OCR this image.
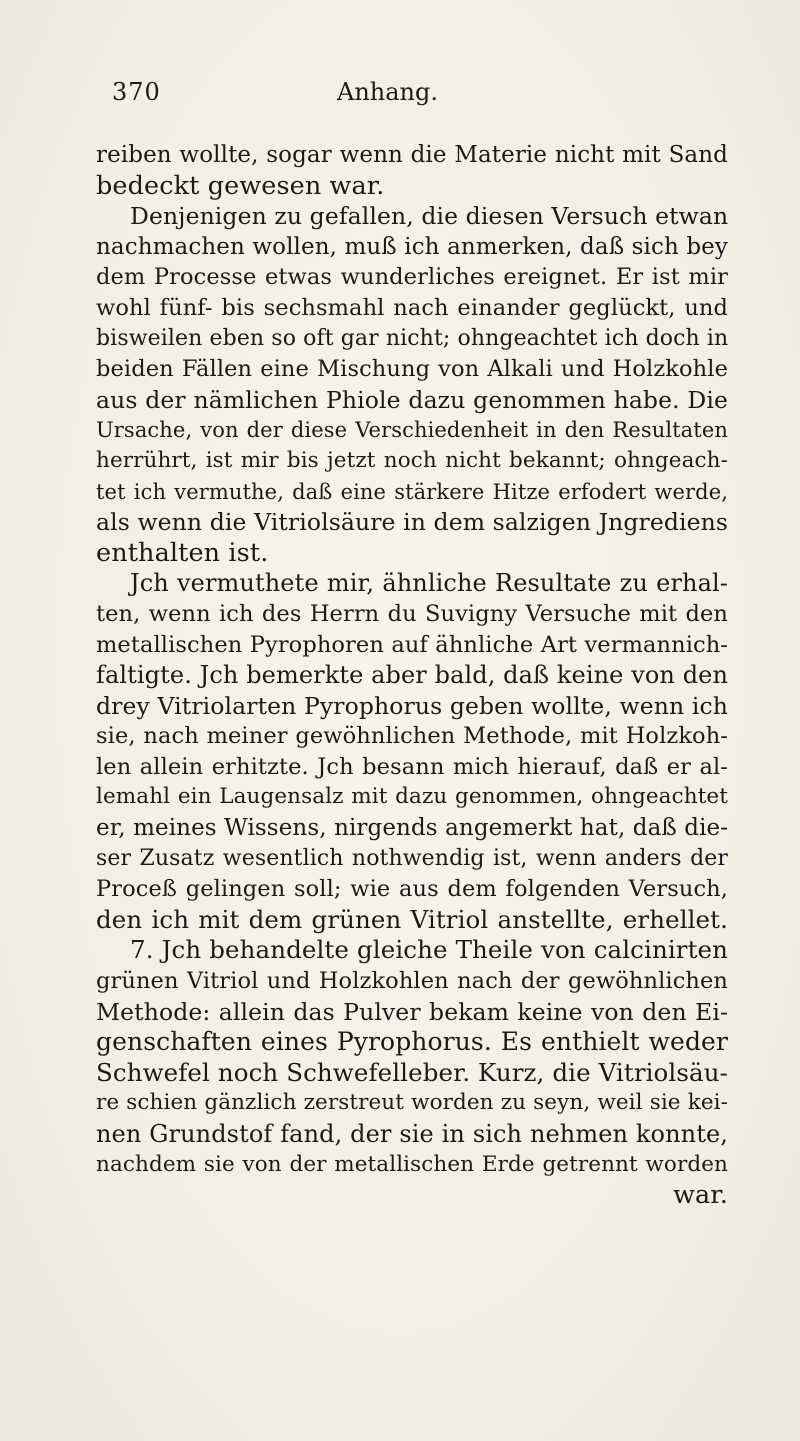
370	Anhang.
reiben wollte, sogar wenn die Materie nicht mit Sand
bedeckt gewesen war.
Denjenigen zu gefallen, die diesen Versuch etwan
nachmachen wollen, muß ich anmerken, daß sich bey
dem Processe etwas wunderliches ereignet. Er ist mir
wohl fünf- bis sechsmahl nach einander geglückt, und
bisweilen eben so oft gar nicht; ohngeachtet ich doch in
beiden Fällen eine Mischung von Alkali und Holzkohle
aus der nämlichen Phiole dazu genommen habe. Die
Ursache, von der diese Verschiedenheit in den Resultaten
herrührt, ist mir bis jetzt noch nicht bekannt; ohngeach-
tet ich vermuthe, daß eine stärkere Hitze erfodert werde,
als wenn die Vitriolsäure in dem salzigen Jngrediens
enthalten ist.
Jch vermuthete mir, ähnliche Resultate zu erhal-
ten, wenn ich des Herrn du Suvigny Versuche mit den
metallischen Pyrophoren auf ähnliche Art vermannich-
faltigte. Jch bemerkte aber bald, daß keine von den
drey Vitriolarten Pyrophorus geben wollte, wenn ich
sie, nach meiner gewöhnlichen Methode, mit Holzkoh-
len allein erhitzte. Jch besann mich hierauf, daß er al-
lemahl ein Laugensalz mit dazu genommen, ohngeachtet
er, meines Wissens, nirgends angemerkt hat, daß die-
ser Zusatz wesentlich nothwendig ist, wenn anders der
Proceß gelingen soll; wie aus dem folgenden Versuch,
den ich mit dem grünen Vitriol anstellte, erhellet.
7. Jch behandelte gleiche Theile von calcinirten
grünen Vitriol und Holzkohlen nach der gewöhnlichen
Methode: allein das Pulver bekam keine von den Ei-
genschaften eines Pyrophorus. Es enthielt weder
Schwefel noch Schwefelleber. Kurz, die Vitriolsäu-
re schien gänzlich zerstreut worden zu seyn, weil sie kei-
nen Grundstof fand, der sie in sich nehmen konnte,
nachdem sie von der metallischen Erde getrennt worden
war.
